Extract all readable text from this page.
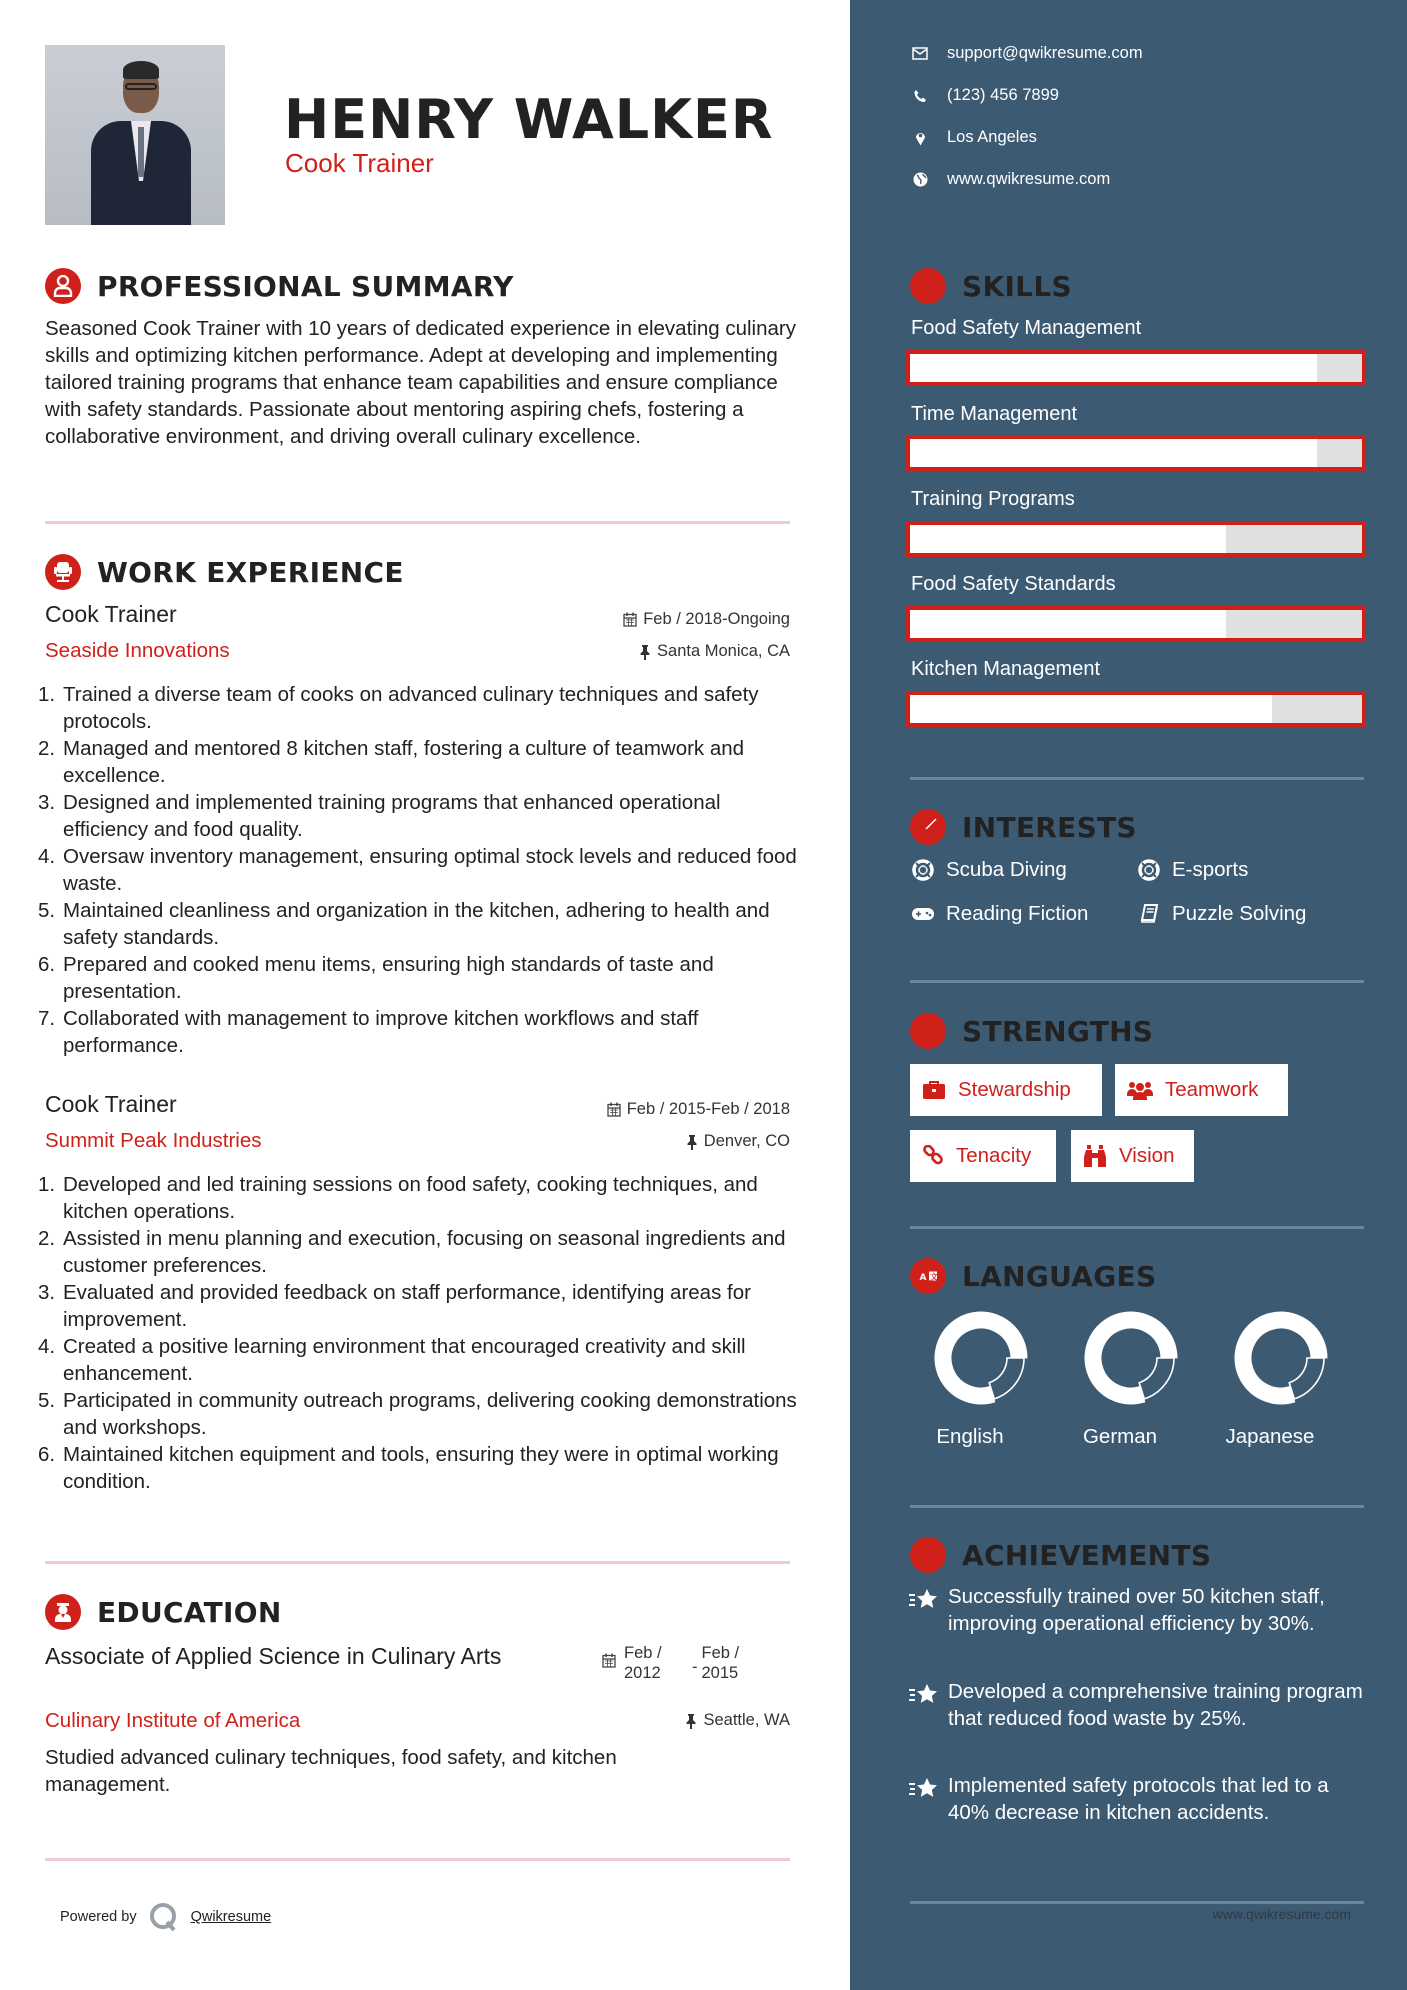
HENRY WALKER
Cook Trainer
PROFESSIONAL SUMMARY
Seasoned Cook Trainer with 10 years of dedicated experience in elevating culinary skills and optimizing kitchen performance. Adept at developing and implementing tailored training programs that enhance team capabilities and ensure compliance with safety standards. Passionate about mentoring aspiring chefs, fostering a collaborative environment, and driving overall culinary excellence.
WORK EXPERIENCE
Cook Trainer	Feb / 2018-Ongoing
Seaside Innovations	Santa Monica, CA
1. Trained a diverse team of cooks on advanced culinary techniques and safety protocols.
2. Managed and mentored 8 kitchen staff, fostering a culture of teamwork and excellence.
3. Designed and implemented training programs that enhanced operational efficiency and food quality.
4. Oversaw inventory management, ensuring optimal stock levels and reduced food waste.
5. Maintained cleanliness and organization in the kitchen, adhering to health and safety standards.
6. Prepared and cooked menu items, ensuring high standards of taste and presentation.
7. Collaborated with management to improve kitchen workflows and staff performance.
Cook Trainer	Feb / 2015-Feb / 2018
Summit Peak Industries	Denver, CO
1. Developed and led training sessions on food safety, cooking techniques, and kitchen operations.
2. Assisted in menu planning and execution, focusing on seasonal ingredients and customer preferences.
3. Evaluated and provided feedback on staff performance, identifying areas for improvement.
4. Created a positive learning environment that encouraged creativity and skill enhancement.
5. Participated in community outreach programs, delivering cooking demonstrations and workshops.
6. Maintained kitchen equipment and tools, ensuring they were in optimal working condition.
EDUCATION
Associate of Applied Science in Culinary Arts	Feb / 2012	-
Feb / 2015
Culinary Institute of America	Seattle, WA
Studied advanced culinary techniques, food safety, and kitchen management.
Powered by	Qwikresume
support@qwikresume.com
(123) 456 7899
Los Angeles
www.qwikresume.com
SKILLS
Food Safety Management
Time Management
Training Programs
Food Safety Standards
Kitchen Management
INTERESTS
Scuba Diving	E-sports
Reading Fiction	Puzzle Solving
STRENGTHS
Stewardship	Teamwork
Tenacity	Vision
A 文 LANGUAGES
English	German	Japanese
ACHIEVEMENTS
Successfully trained over 50 kitchen staff, improving operational efficiency by 30%.
Developed a comprehensive training program that reduced food waste by 25%.
Implemented safety protocols that led to a 40% decrease in kitchen accidents.
www.qwikresume.com
